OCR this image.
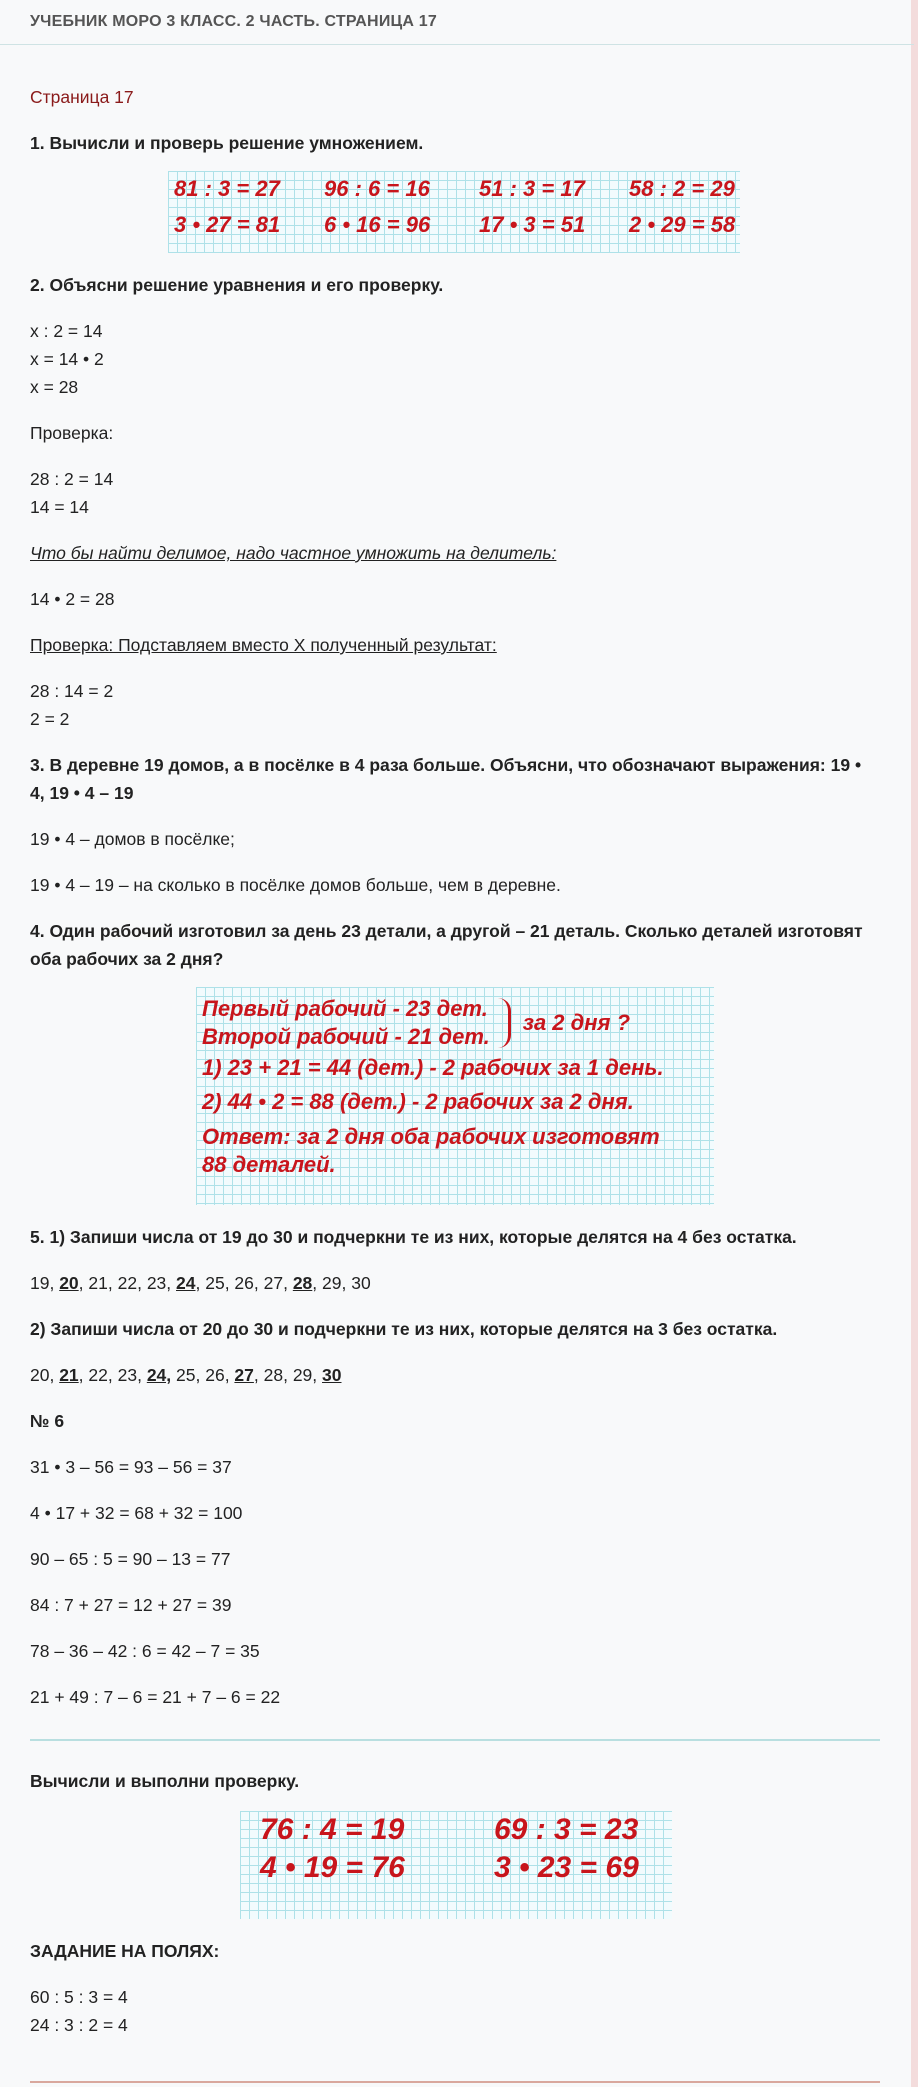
УЧЕБНИК МОРО 3 КЛАСС. 2 ЧАСТЬ. СТРАНИЦА 17
Страница 17
1. Вычисли и проверь решение умножением.
81 : 3 = 27	96 : 6 = 16	51 : 3 = 17	58 : 2 = 29
3 • 27 = 81	6 • 16 = 96	17 • 3 = 51	2 • 29 = 58
2. Объясни решение уравнения и его проверку.
x : 2 = 14
x = 14 • 2
x = 28
Проверка:
28 : 2 = 14
14 = 14
Что бы найти делимое, надо частное умножить на делитель:
14 • 2 = 28
Проверка: Подставляем вместо Х полученный результат:
28 : 14 = 2
2 = 2
3. В деревне 19 домов, а в посёлке в 4 раза больше. Объясни, что обозначают выражения: 19 • 4, 19 • 4 – 19
19 • 4 – домов в посёлке;
19 • 4 – 19 – на сколько в посёлке домов больше, чем в деревне.
4. Один рабочий изготовил за день 23 детали, а другой – 21 деталь. Сколько деталей изготовят оба рабочих за 2 дня?
Первый рабочий - 23 дет.
Второй рабочий - 21 дет.
за 2 дня ?
1) 23 + 21 = 44 (дет.) - 2 рабочих за 1 день.
2) 44 • 2 = 88 (дет.) - 2 рабочих за 2 дня.
Ответ: за 2 дня оба рабочих изготовят
88 деталей.
5. 1) Запиши числа от 19 до 30 и подчеркни те из них, которые делятся на 4 без остатка.
19, 20, 21, 22, 23, 24, 25, 26, 27, 28, 29, 30
2) Запиши числа от 20 до 30 и подчеркни те из них, которые делятся на 3 без остатка.
20, 21, 22, 23, 24, 25, 26, 27, 28, 29, 30
№ 6
31 • 3 – 56 = 93 – 56 = 37
4 • 17 + 32 = 68 + 32 = 100
90 – 65 : 5 = 90 – 13 = 77
84 : 7 + 27 = 12 + 27 = 39
78 – 36 – 42 : 6 = 42 – 7 = 35
21 + 49 : 7 – 6 = 21 + 7 – 6 = 22
Вычисли и выполни проверку.
76 : 4 = 19	69 : 3 = 23
4 • 19 = 76	3 • 23 = 69
ЗАДАНИЕ НА ПОЛЯХ:
60 : 5 : 3 = 4
24 : 3 : 2 = 4
